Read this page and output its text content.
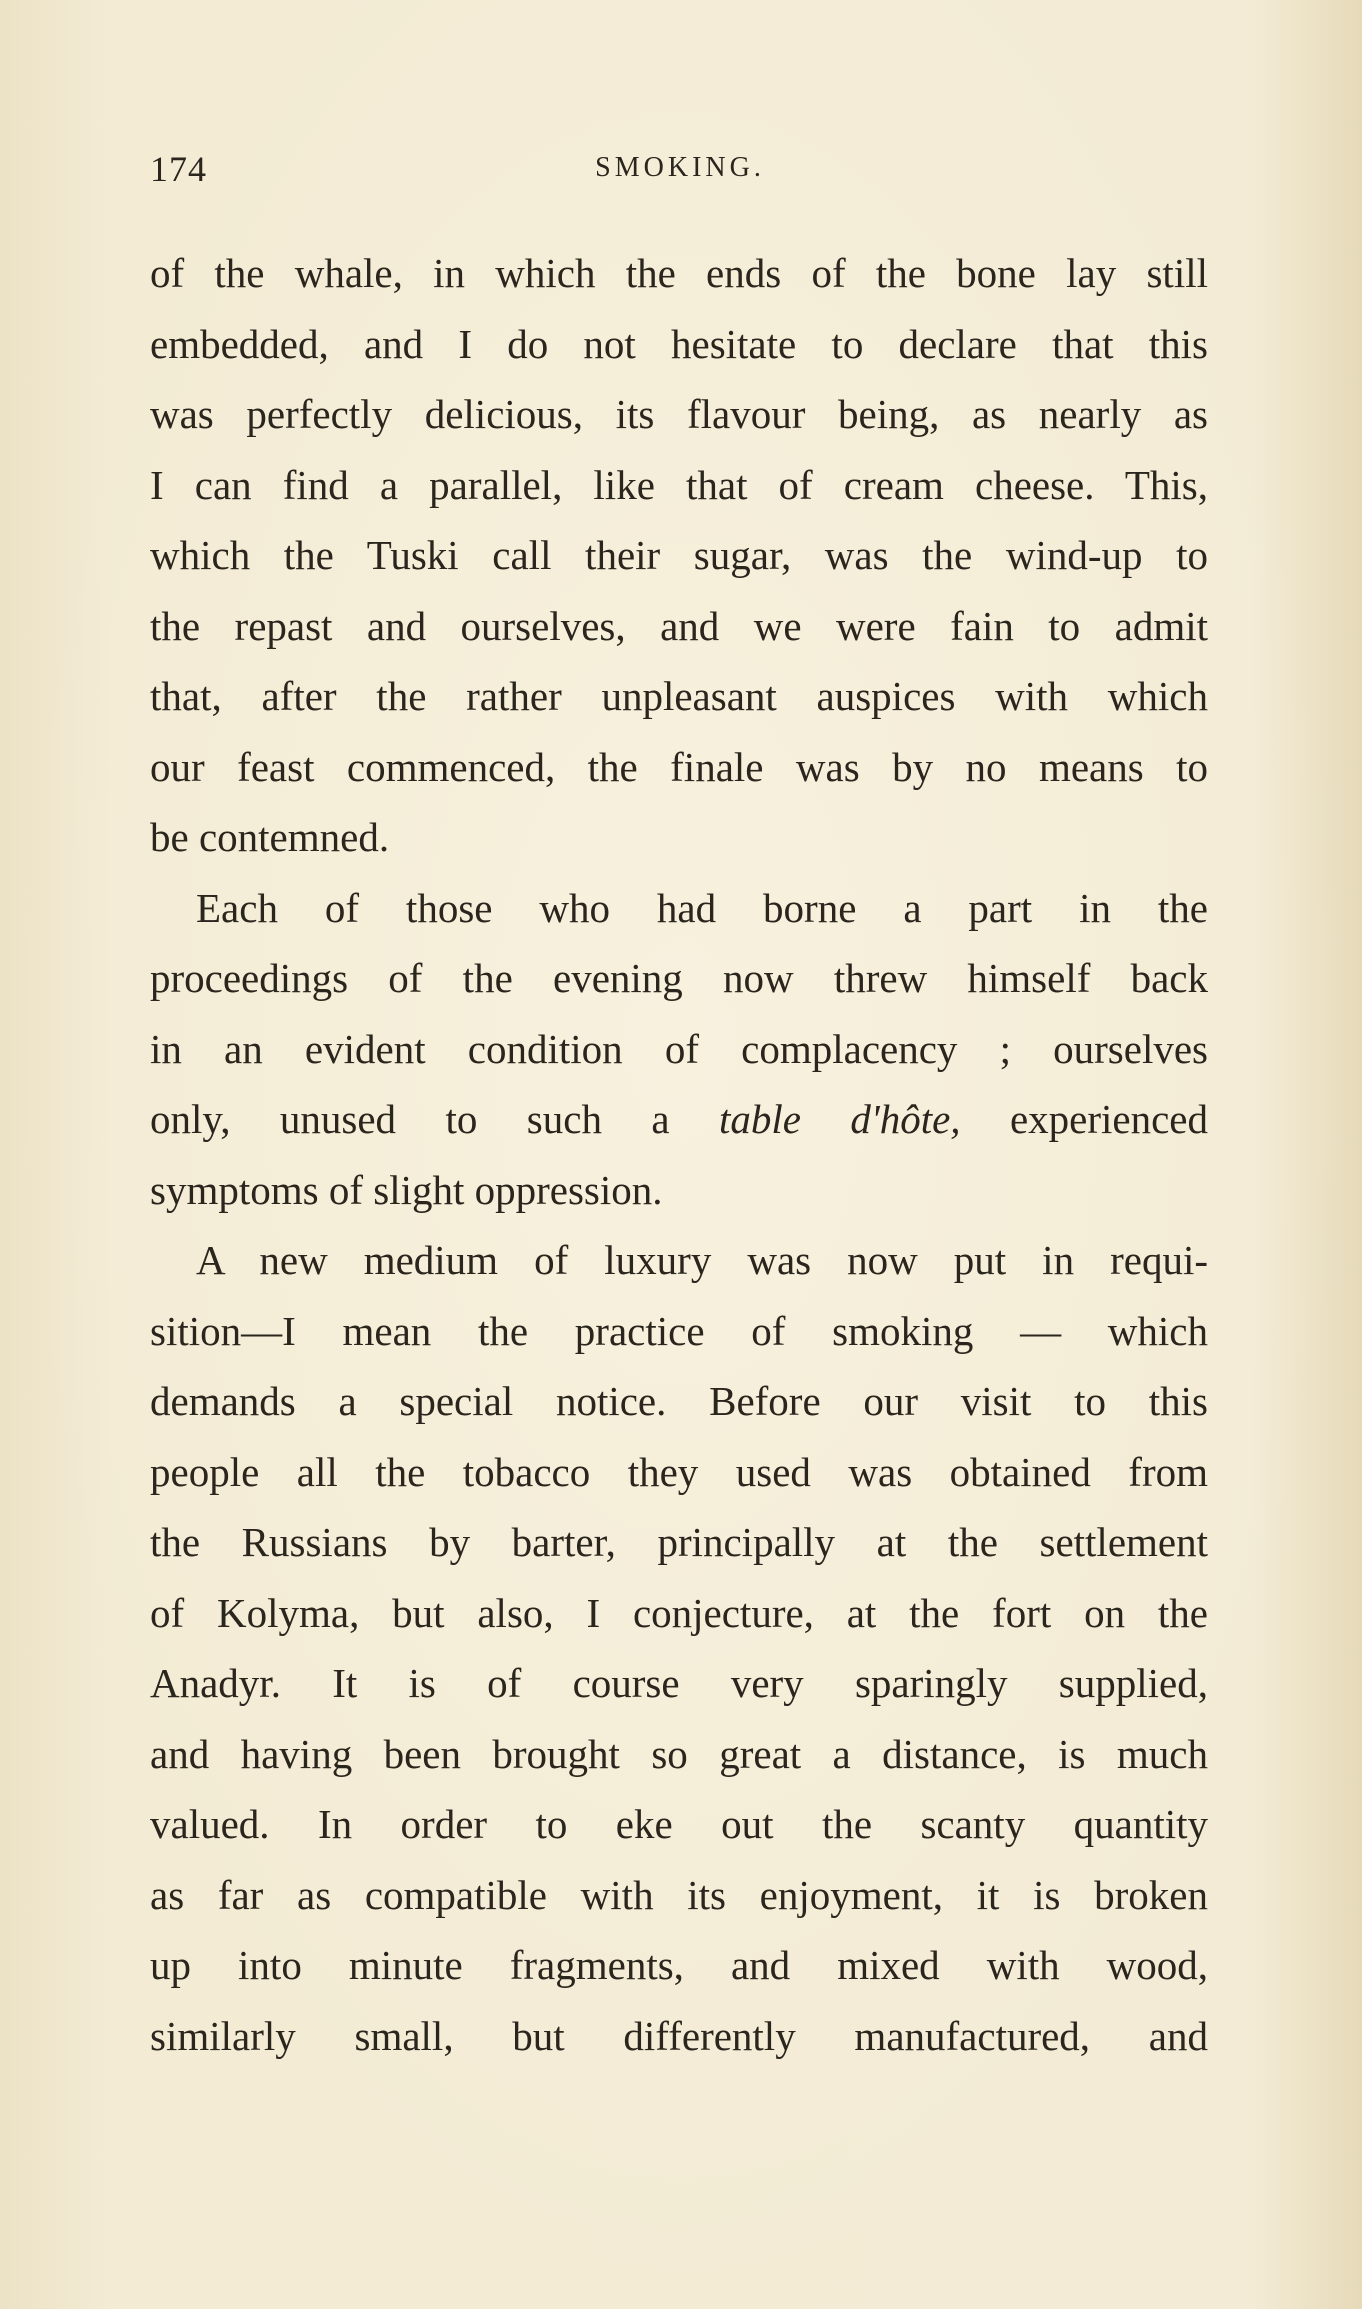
174	SMOKING.
of the whale, in which the ends of the bone lay still
embedded, and I do not hesitate to declare that this
was perfectly delicious, its flavour being, as nearly as
I can find a parallel, like that of cream cheese. This,
which the Tuski call their sugar, was the wind-up to
the repast and ourselves, and we were fain to admit
that, after the rather unpleasant auspices with which
our feast commenced, the finale was by no means to
be contemned.
Each of those who had borne a part in the
proceedings of the evening now threw himself back
in an evident condition of complacency ; ourselves
only, unused to such a table d'hôte, experienced
symptoms of slight oppression.
A new medium of luxury was now put in requi-
sition—I mean the practice of smoking — which
demands a special notice. Before our visit to this
people all the tobacco they used was obtained from
the Russians by barter, principally at the settlement
of Kolyma, but also, I conjecture, at the fort on the
Anadyr. It is of course very sparingly supplied,
and having been brought so great a distance, is much
valued. In order to eke out the scanty quantity
as far as compatible with its enjoyment, it is broken
up into minute fragments, and mixed with wood,
similarly small, but differently manufactured, and
